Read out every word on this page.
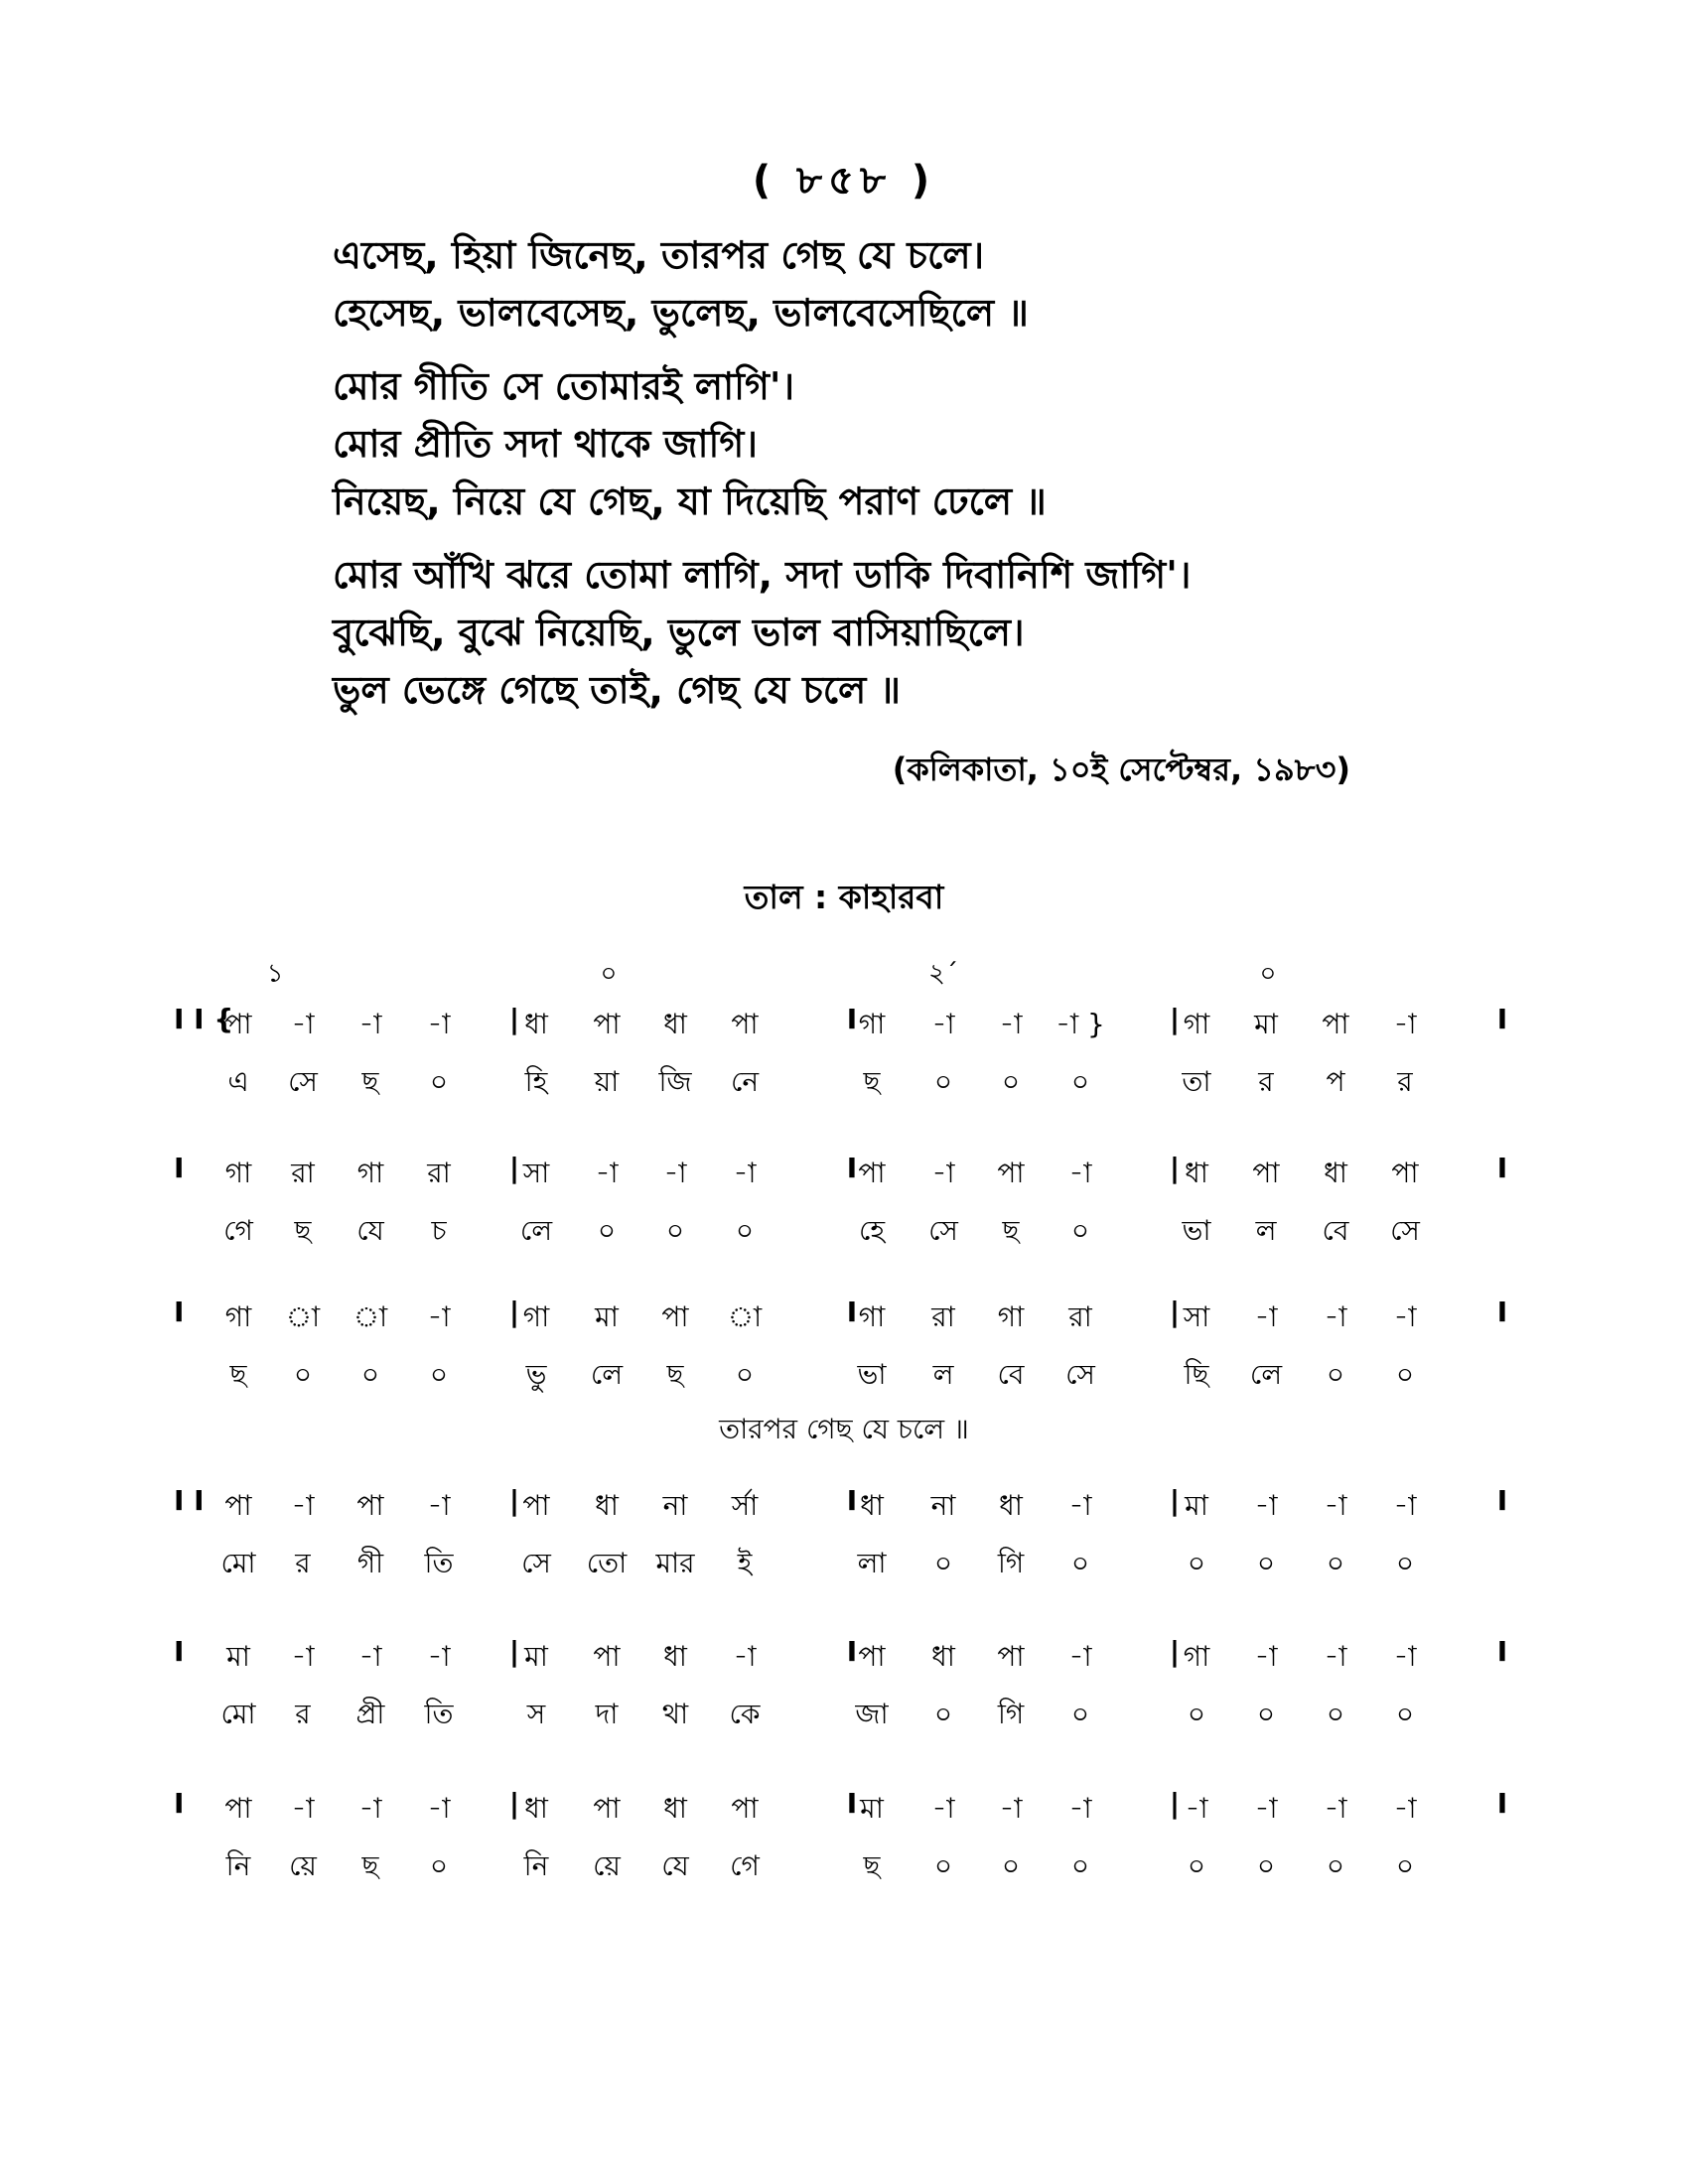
( ৮৫৮ )
এসেছ, হিয়া জিনেছ, তারপর গেছ যে চলে।
হেসেছ, ভালবেসেছ, ভুলেছ, ভালবেসেছিলে ॥
মোর গীতি সে তোমারই লাগি'।
মোর প্রীতি সদা থাকে জাগি।
নিয়েছ, নিয়ে যে গেছ, যা দিয়েছি পরাণ ঢেলে ॥
মোর আঁখি ঝরে তোমা লাগি, সদা ডাকি দিবানিশি জাগি'।
বুঝেছি, বুঝে নিয়েছি, ভুলে ভাল বাসিয়াছিলে।
ভুল ভেঙ্গে গেছে তাই, গেছ যে চলে ॥
(কলিকাতা, ১০ই সেপ্টেম্বর, ১৯৮৩)
তাল : কাহারবা
১	০	২´	০
I I {
পা	-া	-া	-া	ধা	পা	ধা	পা	গা	-া	-া	-া }	গা	মা	পা	-া
|	I	|	I
এ	সে	ছ	০	হি	য়া	জি	নে	ছ	০	০	০	তা	র	প	র
I	গা	রা	গা	রা	সা	-া	-া	-া	পা	-া	পা	-া	ধা	পা	ধা	পা
|	I	|	I
গে	ছ	যে	চ	লে	০	০	০	হে	সে	ছ	০	ভা	ল	বে	সে
I	গা	া	া	-া	গা	মা	পা	া	গা	রা	গা	রা	সা	-া	-া	-া
|	I	|	I
ছ	০	০	০	ভু	লে	ছ	০	ভা	ল	বে	সে	ছি	লে	০	০
I I পা	-া	পা	-া	পা	ধা	না	র্সা	ধা	না	ধা	-া	মা	-া	-া	-া
|	I	|	I
মো	র	গী	তি	সে	তো	মার	ই	লা	০	গি	০	০	০	০	০
I	মা	-া	-া	-া	মা	পা	ধা	-া	পা	ধা	পা	-া	গা	-া	-া	-া
|	I	|	I
মো	র	প্রী	তি	স	দা	থা	কে	জা	০	গি	০	০	০	০	০
I	পা	-া	-া	-া	ধা	পা	ধা	পা	মা	-া	-া	-া	-া	-া	-া	-া
|	I	|	I
নি	য়ে	ছ	০	নি	য়ে	যে	গে	ছ	০	০	০	০	০	০	০
তারপর গেছ যে চলে ॥
